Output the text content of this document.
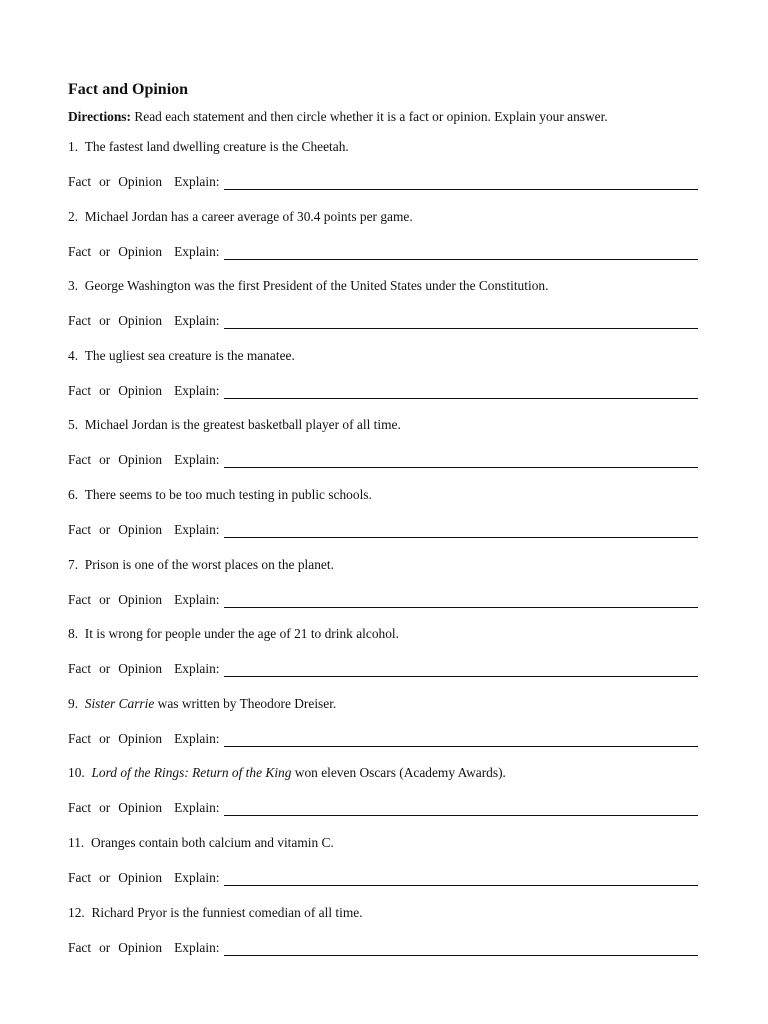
Fact and Opinion
Directions: Read each statement and then circle whether it is a fact or opinion. Explain your answer.
1. The fastest land dwelling creature is the Cheetah.
Fact or Opinion Explain:
2. Michael Jordan has a career average of 30.4 points per game.
Fact or Opinion Explain:
3. George Washington was the first President of the United States under the Constitution.
Fact or Opinion Explain:
4. The ugliest sea creature is the manatee.
Fact or Opinion Explain:
5. Michael Jordan is the greatest basketball player of all time.
Fact or Opinion Explain:
6. There seems to be too much testing in public schools.
Fact or Opinion Explain:
7. Prison is one of the worst places on the planet.
Fact or Opinion Explain:
8. It is wrong for people under the age of 21 to drink alcohol.
Fact or Opinion Explain:
9. Sister Carrie was written by Theodore Dreiser.
Fact or Opinion Explain:
10. Lord of the Rings: Return of the King won eleven Oscars (Academy Awards).
Fact or Opinion Explain:
11. Oranges contain both calcium and vitamin C.
Fact or Opinion Explain:
12. Richard Pryor is the funniest comedian of all time.
Fact or Opinion Explain:
